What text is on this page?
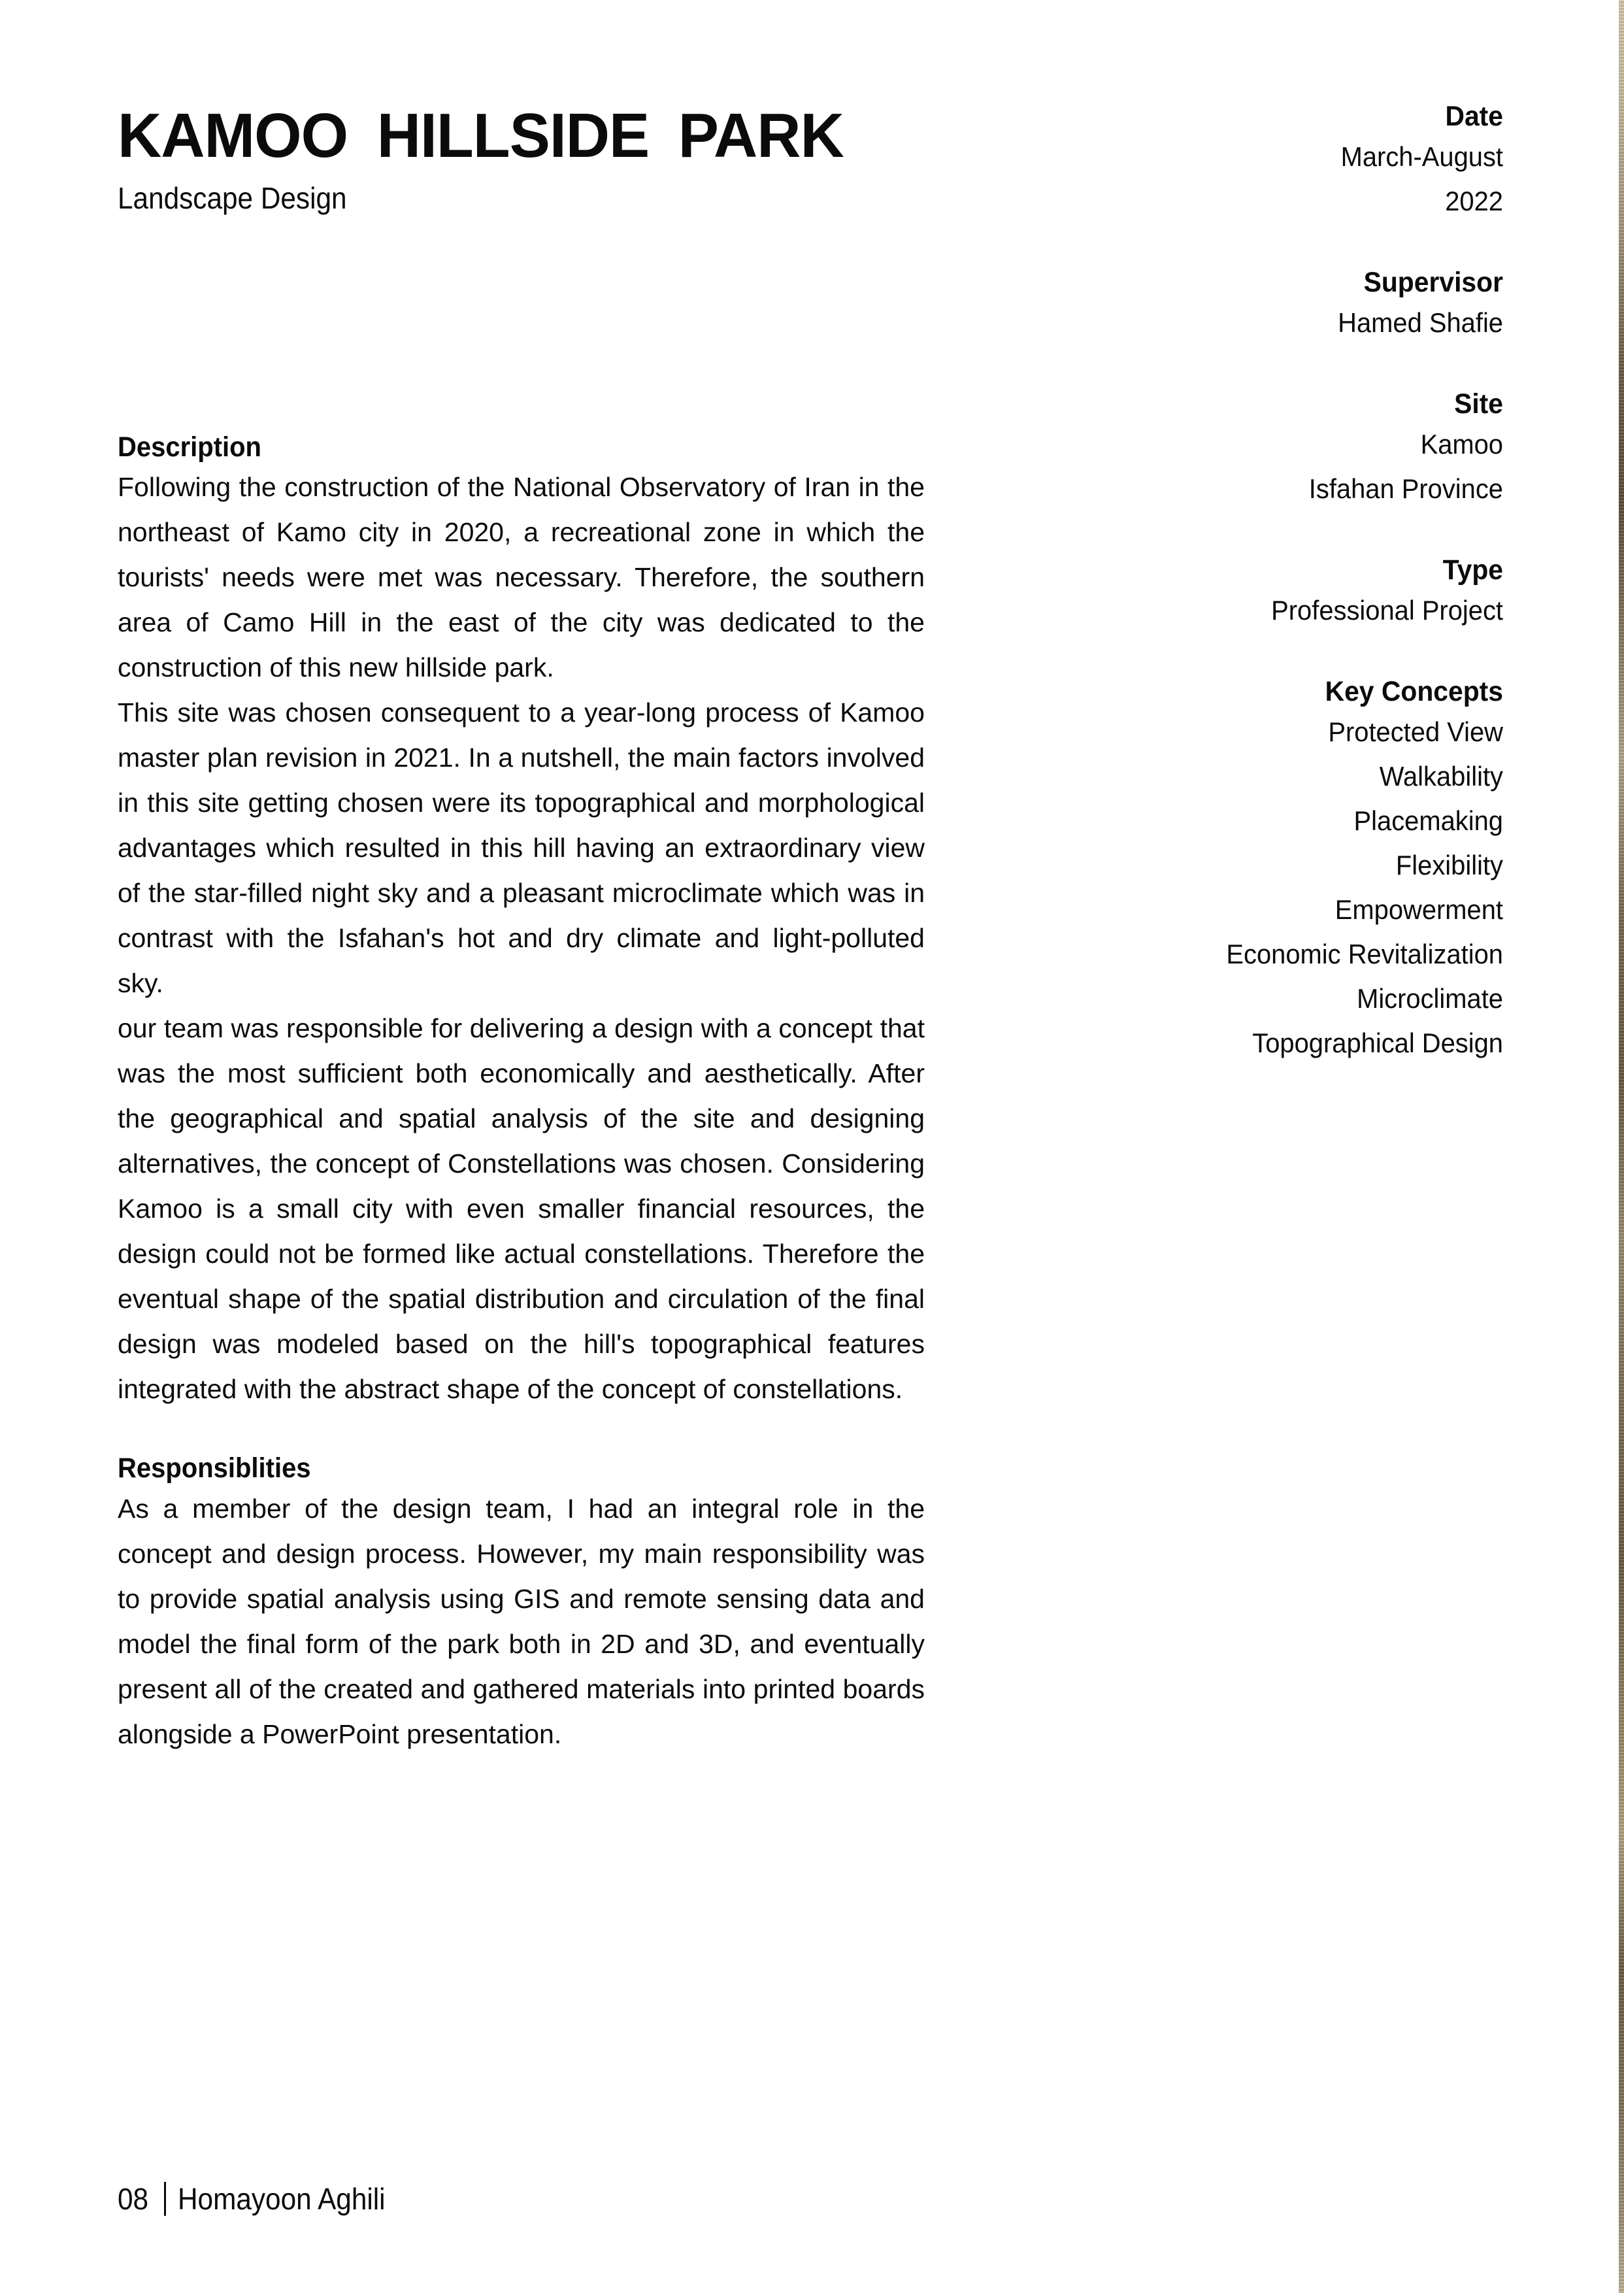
KAMOO HILLSIDE PARK
Landscape Design
Description

Following the construction of the National Observatory of Iran in the northeast of Kamo city in 2020, a recreational zone in which the tourists' needs were met was necessary. Therefore, the southern area of Camo Hill in the east of the city was dedicated to the construction of this new hillside park.

This site was chosen consequent to a year-long process of Kamoo master plan revision in 2021. In a nutshell, the main factors involved in this site getting chosen were its topographical and morphological advantages which resulted in this hill having an extraordinary view of the star-filled night sky and a pleasant microclimate which was in contrast with the Isfahan's hot and dry climate and light-polluted sky.

our team was responsible for delivering a design with a concept that was the most sufficient both economically and aesthetically. After the geographical and spatial analysis of the site and designing alternatives, the concept of Constellations was chosen. Considering Kamoo is a small city with even smaller financial resources, the design could not be formed like actual constellations. Therefore the eventual shape of the spatial distribution and circulation of the final design was modeled based on the hill's topographical features integrated with the abstract shape of the concept of constellations.

Responsiblities

As a member of the design team, I had an integral role in the concept and design process. However, my main responsibility was to provide spatial analysis using GIS and remote sensing data and model the final form of the park both in 2D and 3D, and eventually present all of the created and gathered materials into printed boards alongside a PowerPoint presentation.

Date
March-August
2022
Supervisor
Hamed Shafie
Site
Kamoo
Isfahan Province
Type
Professional Project
Key Concepts
Protected View
Walkability
Placemaking
Flexibility
Empowerment
Economic Revitalization
Microclimate
Topographical Design
08 Homayoon Aghili
